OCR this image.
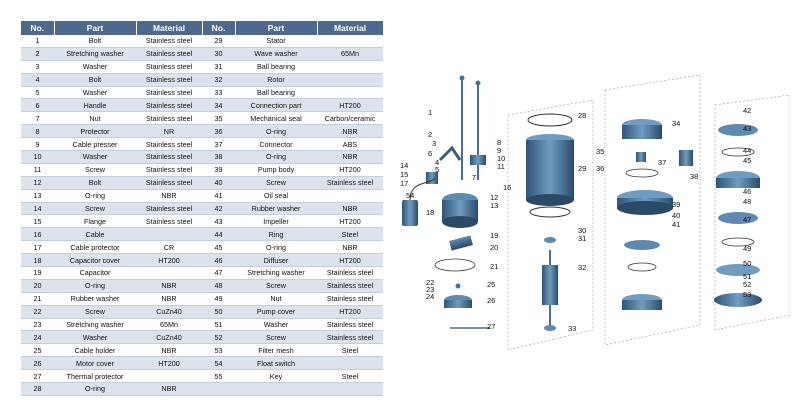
No.	Part	Material	No.	Part	Material
1	Bolt	Stainless steel	29	Stator	
2	Stretching washer	Stainless steel	30	Wave washer	65Mn
3	Washer	Stainless steel	31	Ball bearing	
4	Bolt	Stainless steel	32	Rotor	
5	Washer	Stainless steel	33	Ball bearing	
6	Handle	Stainless steel	34	Connection part	HT200
7	Nut	Stainless steel	35	Mechanical seal	Carbon/ceramic
8	Protector	NR	36	O-ring	NBR
9	Cable presser	Stainless steel	37	Connector	ABS
10	Washer	Stainless steel	38	O-ring	NBR
11	Screw	Stainless steel	39	Pump body	HT200
12	Bolt	Stainless steel	40	Screw	Stainless steel
13	O-ring	NBR	41	Oil seal	
14	Screw	Stainless steel	42	Rubber washer	NBR
15	Flange	Stainless steel	43	Impeller	HT200
16	Cable		44	Ring	Steel
17	Cable protector	CR	45	O-ring	NBR
18	Capacitor cover	HT200	46	Diffuser	HT200
19	Capacitor		47	Stretching washer	Stainless steel
20	O-ring	NBR	48	Screw	Stainless steel
21	Rubber washer	NBR	49	Nut	Stainless steel
22	Screw	CuZn40	50	Pump cover	HT200
23	Stretching washer	65Mn	51	Washer	Stainless steel
24	Washer	CuZn40	52	Screw	Stainless steel
25	Cable holder	NBR	53	Filter mesh	Steel
26	Motor cover	HT200	54	Float switch	
27	Thermal protector		55	Key	Steel
28	O-ring	NBR			
1
2
3
4
5
6
7
8
9
10
11
12
13
14
15
16
17
18
19
20
21
22
23
24
25
26
27
28
29
30
31
32
33
34
35
36
37
38
39
40
41
42
43
44
45
46
47
48
49
50
51
52
53
54
